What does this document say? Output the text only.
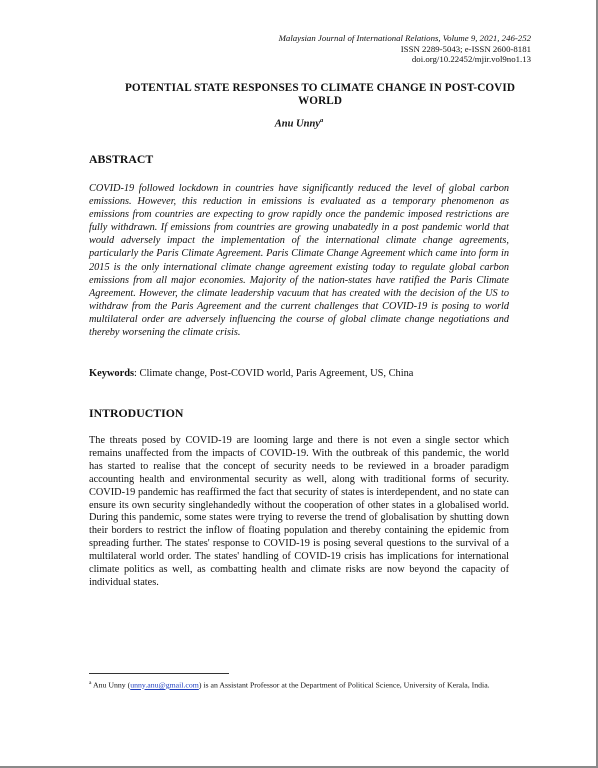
Malaysian Journal of International Relations, Volume 9, 2021, 246-252
ISSN 2289-5043; e-ISSN 2600-8181
doi.org/10.22452/mjir.vol9no1.13
POTENTIAL STATE RESPONSES TO CLIMATE CHANGE IN POST-COVID WORLD
Anu Unny$^a$
ABSTRACT

COVID-19 followed lockdown in countries have significantly reduced the level of global carbon emissions. However, this reduction in emissions is evaluated as a temporary phenomenon as emissions from countries are expecting to grow rapidly once the pandemic imposed restrictions are fully withdrawn. If emissions from countries are growing unabatedly in a post pandemic world that would adversely impact the implementation of the international climate change agreements, particularly the Paris Climate Agreement. Paris Climate Change Agreement which came into form in 2015 is the only international climate change agreement existing today to regulate global carbon emissions from all major economies. Majority of the nation-states have ratified the Paris Climate Agreement. However, the climate leadership vacuum that has created with the decision of the US to withdraw from the Paris Agreement and the current challenges that COVID-19 is posing to world multilateral order are adversely influencing the course of global climate change negotiations and thereby worsening the climate crisis.

Keywords: Climate change, Post-COVID world, Paris Agreement, US, China

INTRODUCTION

The threats posed by COVID-19 are looming large and there is not even a single sector which remains unaffected from the impacts of COVID-19. With the outbreak of this pandemic, the world has started to realise that the concept of security needs to be reviewed in a broader paradigm accounting health and environmental security as well, along with traditional forms of security. COVID-19 pandemic has reaffirmed the fact that security of states is interdependent, and no state can ensure its own security singlehandedly without the cooperation of other states in a globalised world. During this pandemic, some states were trying to reverse the trend of globalisation by shutting down their borders to restrict the inflow of floating population and thereby containing the epidemic from spreading further. The states' response to COVID-19 is posing several questions to the survival of a multilateral world order. The states' handling of COVID-19 crisis has implications for international climate politics as well, as combatting health and climate risks are now beyond the capacity of individual states.

$^a$ Anu Unny (unny.anu@gmail.com) is an Assistant Professor at the Department of Political Science, University of Kerala, India.
